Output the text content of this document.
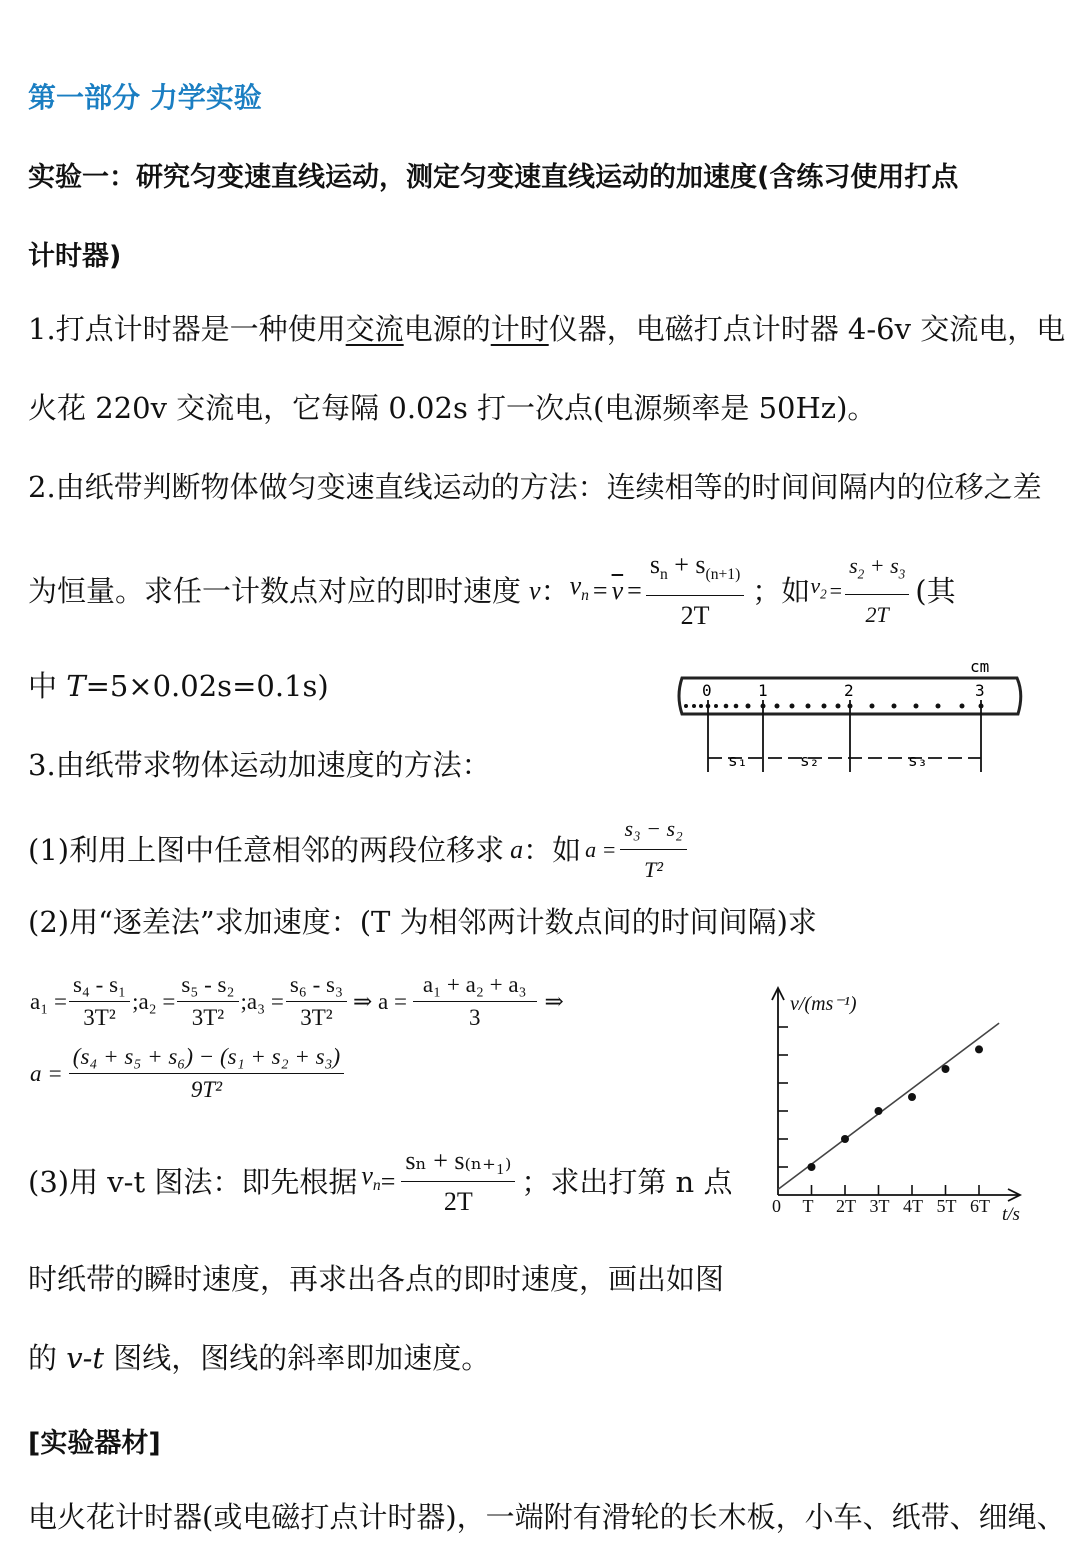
第一部分 力学实验
实验一：研究匀变速直线运动，测定匀变速直线运动的加速度(含练习使用打点
计时器)
1.打点计时器是一种使用交流电源的计时仪器，电磁打点计时器 4-6v 交流电，电
火花 220v 交流电，它每隔 0.02s 打一次点(电源频率是 50Hz)。
2.由纸带判断物体做匀变速直线运动的方法：连续相等的时间间隔内的位移之差
为恒量。求任一计数点对应的即时速度 v ： $v_n = \overline{v} = \frac{s_n + s_{(n+1)}}{2T}$ ；如 $v_2 = \frac{s_2 + s_3}{2T}$ (其
中 T=5×0.02s=0.1s)
cm
0	1	2	3
s₁	s₂	s₃
3.由纸带求物体运动加速度的方法：
(1)利用上图中任意相邻的两段位移求 a ：如 $a = \frac{\text{s₃ − s₂}}{\text{T²}}$
(2)用“逐差法”求加速度：(T 为相邻两计数点间的时间间隔)求
$a_1 = \frac{\text{s₄ - s₁}}{\text{3T²}}$ ;a₂ = $\frac{\text{s₅ - s₂}}{\text{3T²}}$ ;a₃ = $\frac{\text{s₆ - s₃}}{\text{3T²}}$ ⇒ $a = \frac{\text{a₁ + a₂ + a₃}}{3}$ ⇒
$a = \frac{\text{(s₄ + s₅ + s₆) − (s₁ + s₂ + s₃)}}{\text{9T²}}$
(3)用 v-t 图法：即先根据 $v_n = \frac{\text{sₙ + s₍ₙ₊₁₎}}{2T}$ ；求出打第 n 点
时纸带的瞬时速度，再求出各点的即时速度，画出如图
的 v-t 图线，图线的斜率即加速度。
T 2T 3T 4T 5T 6T
0
v/(ms⁻¹)
t/s
[实验器材]
电火花计时器(或电磁打点计时器)，一端附有滑轮的长木板，小车、纸带、细绳、
